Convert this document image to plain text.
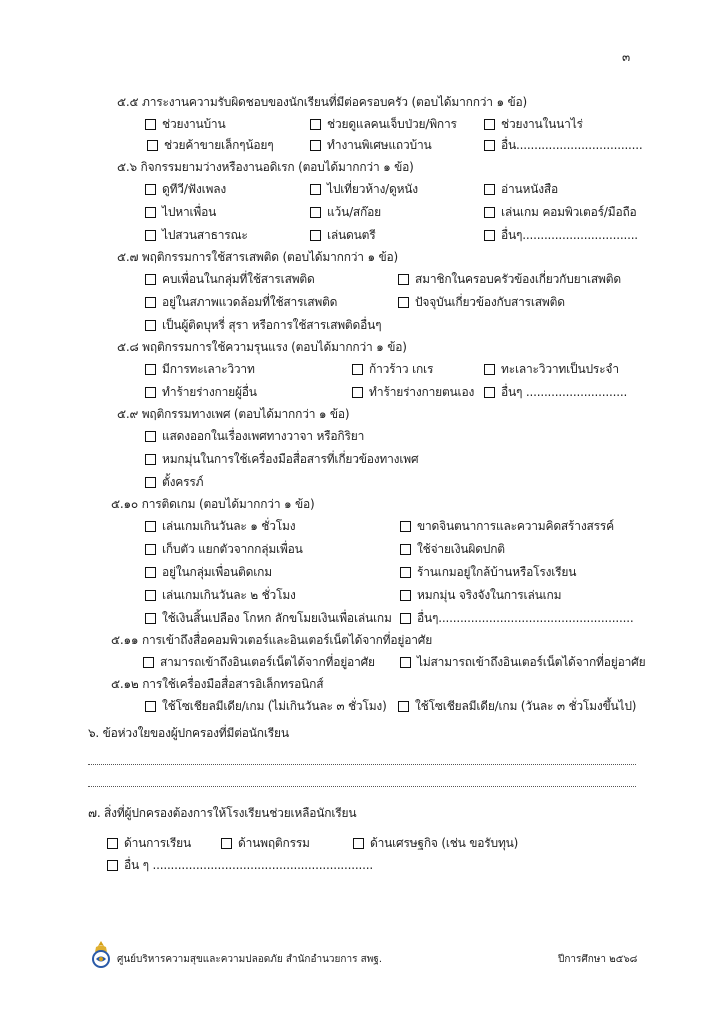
๓
๕.๕ ภาระงานความรับผิดชอบของนักเรียนที่มีต่อครอบครัว (ตอบได้มากกว่า ๑ ข้อ)
ช่วยงานบ้าน	ช่วยดูแลคนเจ็บป่วย/พิการ	ช่วยงานในนาไร่
ช่วยค้าขายเล็กๆน้อยๆ	ทำงานพิเศษแถวบ้าน	อื่น...................................
๕.๖ กิจกรรมยามว่างหรืองานอดิเรก (ตอบได้มากกว่า ๑ ข้อ)
ดูทีวี/ฟังเพลง	ไปเที่ยวห้าง/ดูหนัง	อ่านหนังสือ
ไปหาเพื่อน	แว้น/สก๊อย	เล่นเกม คอมพิวเตอร์/มือถือ
ไปสวนสาธารณะ	เล่นดนตรี	อื่นๆ................................
๕.๗ พฤติกรรมการใช้สารเสพติด (ตอบได้มากกว่า ๑ ข้อ)
คบเพื่อนในกลุ่มที่ใช้สารเสพติด	สมาชิกในครอบครัวข้องเกี่ยวกับยาเสพติด
อยู่ในสภาพแวดล้อมที่ใช้สารเสพติด	ปัจจุบันเกี่ยวข้องกับสารเสพติด
เป็นผู้ติดบุหรี่ สุรา หรือการใช้สารเสพติดอื่นๆ
๕.๘ พฤติกรรมการใช้ความรุนแรง (ตอบได้มากกว่า ๑ ข้อ)
มีการทะเลาะวิวาท	ก้าวร้าว เกเร	ทะเลาะวิวาทเป็นประจำ
ทำร้ายร่างกายผู้อื่น	ทำร้ายร่างกายตนเอง อื่นๆ ............................
๕.๙ พฤติกรรมทางเพศ (ตอบได้มากกว่า ๑ ข้อ)
แสดงออกในเรื่องเพศทางวาจา หรือกิริยา
หมกมุ่นในการใช้เครื่องมือสื่อสารที่เกี่ยวข้องทางเพศ
ตั้งครรภ์
๕.๑๐ การติดเกม (ตอบได้มากกว่า ๑ ข้อ)
เล่นเกมเกินวันละ ๑ ชั่วโมง	ขาดจินตนาการและความคิดสร้างสรรค์
เก็บตัว แยกตัวจากกลุ่มเพื่อน	ใช้จ่ายเงินผิดปกติ
อยู่ในกลุ่มเพื่อนติดเกม	ร้านเกมอยู่ใกล้บ้านหรือโรงเรียน
เล่นเกมเกินวันละ ๒ ชั่วโมง	หมกมุ่น จริงจังในการเล่นเกม
ใช้เงินสิ้นเปลือง โกหก ลักขโมยเงินเพื่อเล่นเกม อื่นๆ......................................................
๕.๑๑ การเข้าถึงสื่อคอมพิวเตอร์และอินเตอร์เน็ตได้จากที่อยู่อาศัย
สามารถเข้าถึงอินเตอร์เน็ตได้จากที่อยู่อาศัย	ไม่สามารถเข้าถึงอินเตอร์เน็ตได้จากที่อยู่อาศัย
๕.๑๒ การใช้เครื่องมือสื่อสารอิเล็กทรอนิกส์
ใช้โซเชียลมีเดีย/เกม (ไม่เกินวันละ ๓ ชั่วโมง) ใช้โซเชียลมีเดีย/เกม (วันละ ๓ ชั่วโมงขึ้นไป)
๖. ข้อห่วงใยของผู้ปกครองที่มีต่อนักเรียน
๗. สิ่งที่ผู้ปกครองต้องการให้โรงเรียนช่วยเหลือนักเรียน
ด้านการเรียน	ด้านพฤติกรรม	ด้านเศรษฐกิจ (เช่น ขอรับทุน)
อื่น ๆ .............................................................
ศูนย์บริหารความสุขและความปลอดภัย สำนักอำนวยการ สพฐ.	ปีการศึกษา ๒๕๖๘
